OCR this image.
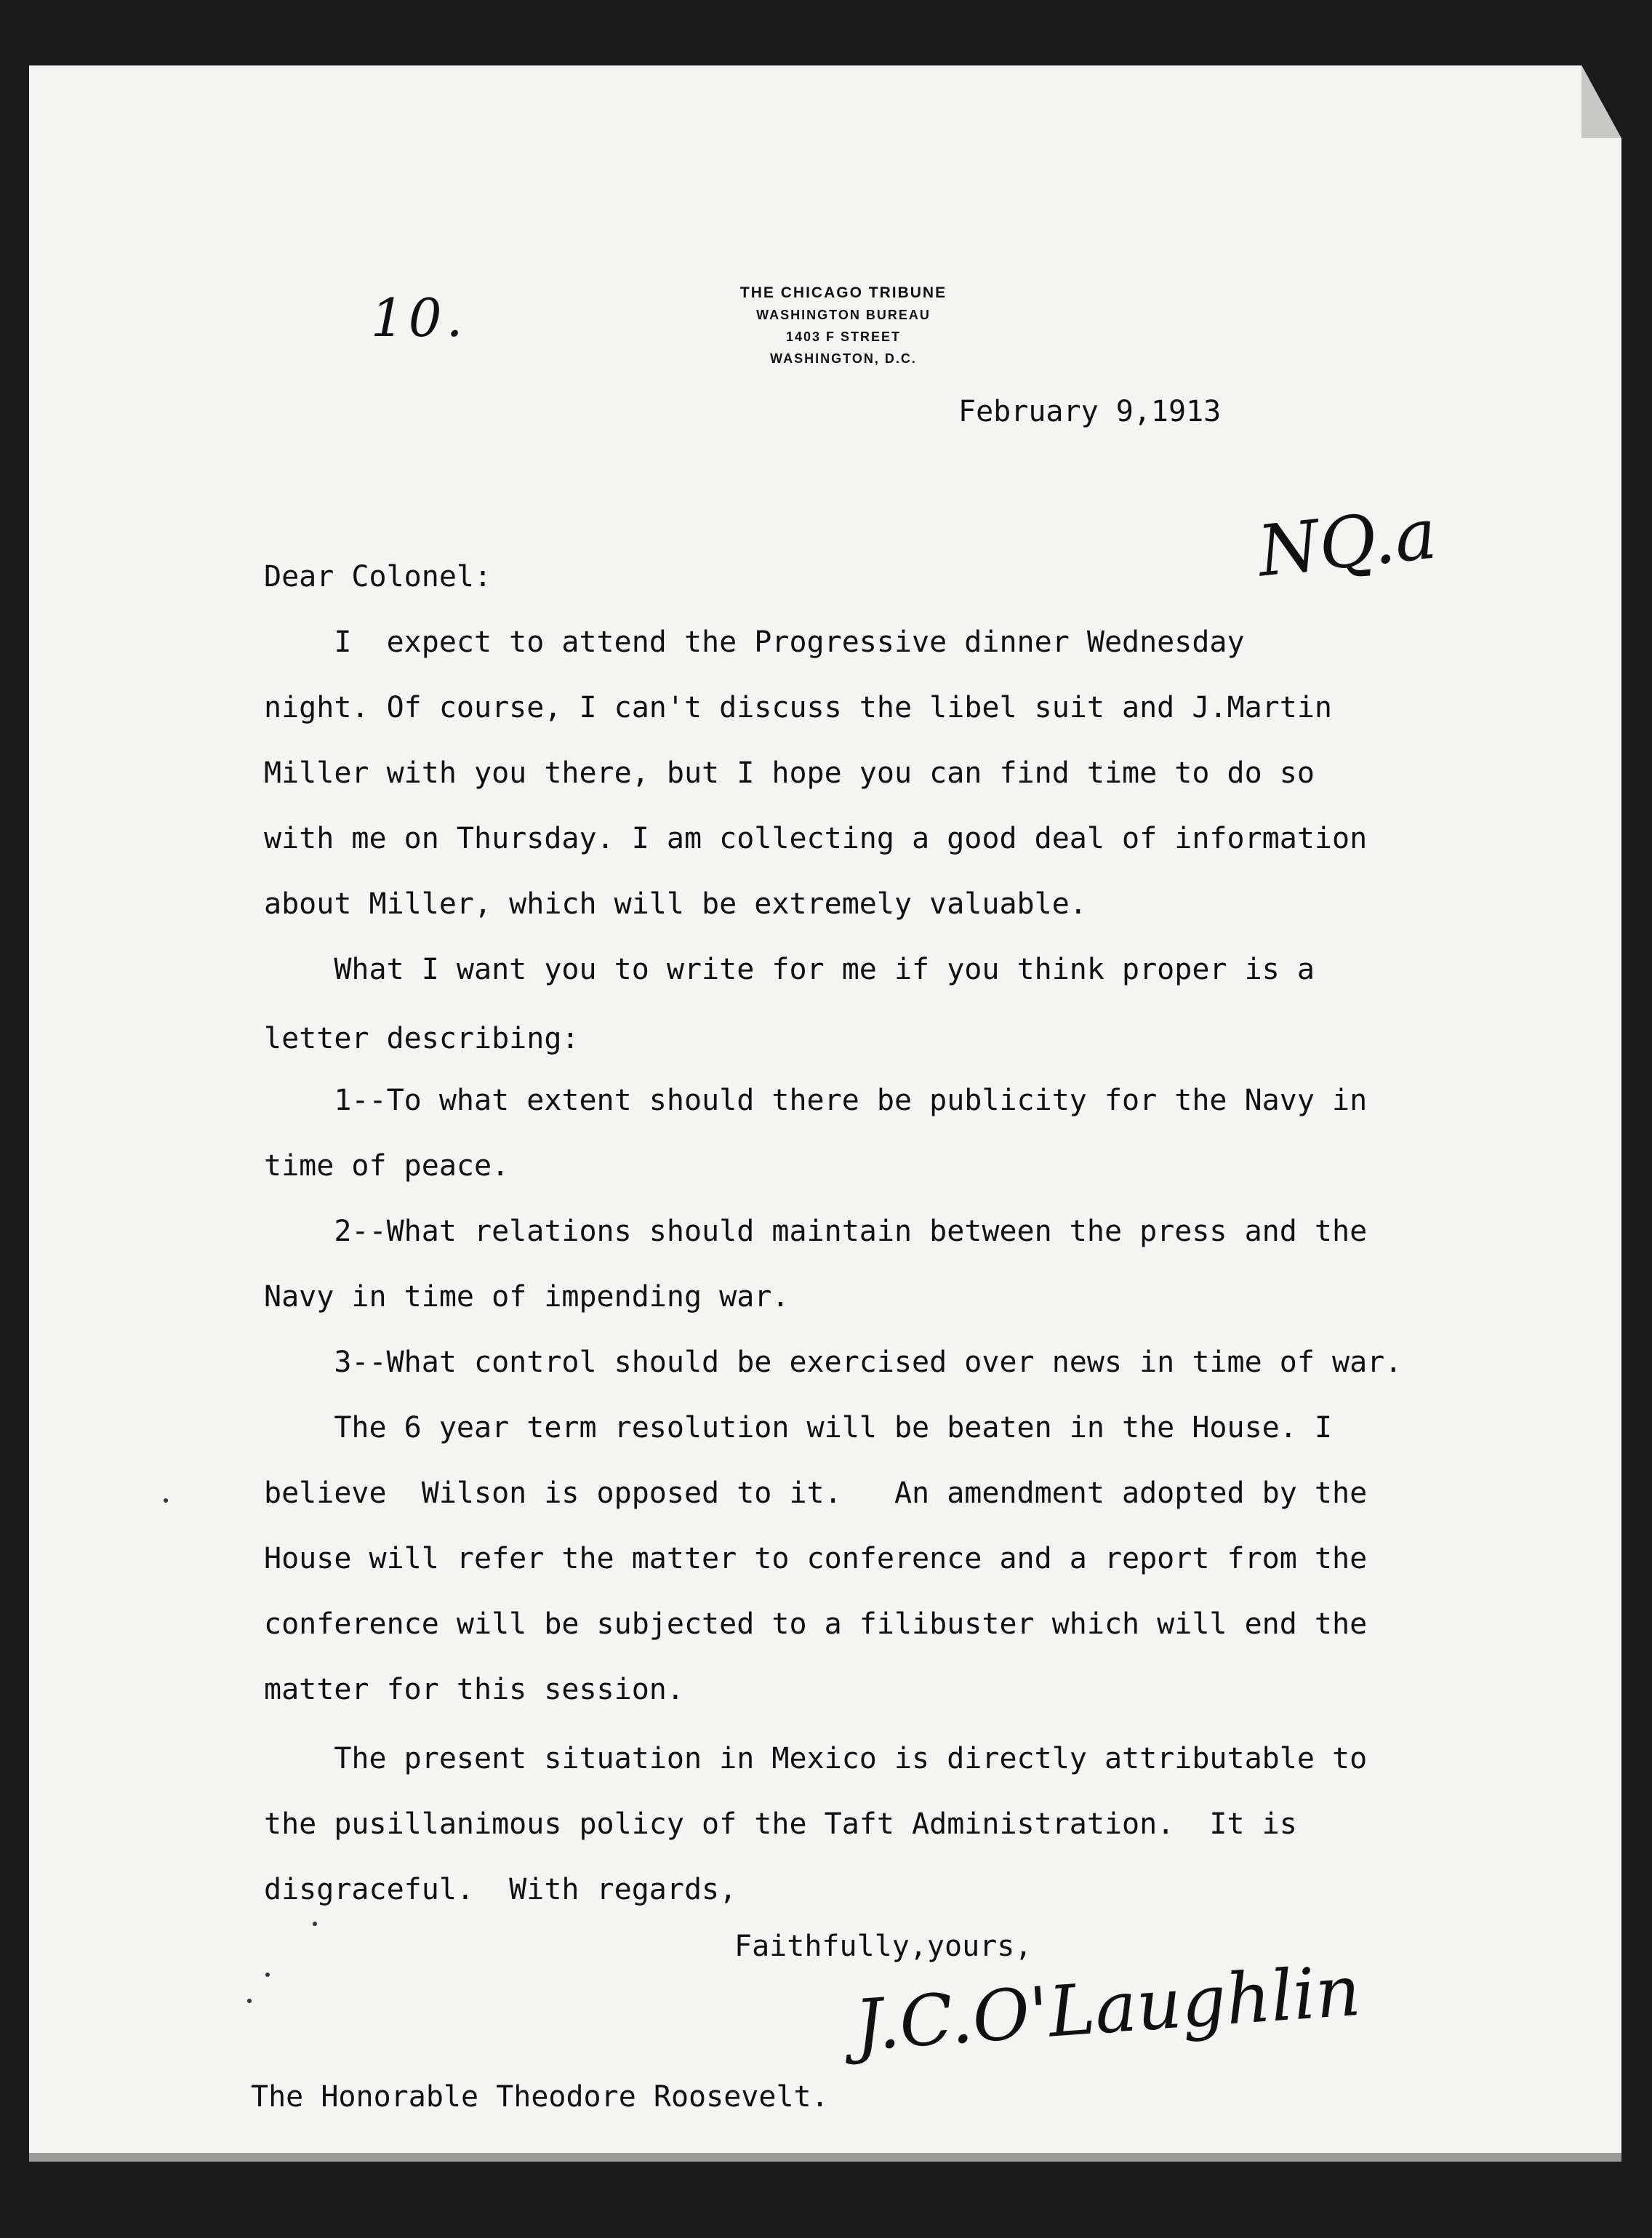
10.
NQ.a
THE CHICAGO TRIBUNE
WASHINGTON BUREAU
1403 F STREET
WASHINGTON, D.C.
February 9,1913
Dear Colonel:
I  expect to attend the Progressive dinner Wednesday
night. Of course, I can't discuss the libel suit and J.Martin
Miller with you there, but I hope you can find time to do so
with me on Thursday. I am collecting a good deal of information
about Miller, which will be extremely valuable.
What I want you to write for me if you think proper is a
letter describing:
1--To what extent should there be publicity for the Navy in
time of peace.
2--What relations should maintain between the press and the
Navy in time of impending war.
3--What control should be exercised over news in time of war.
The 6 year term resolution will be beaten in the House. I
believe  Wilson is opposed to it.   An amendment adopted by the
House will refer the matter to conference and a report from the
conference will be subjected to a filibuster which will end the
matter for this session.
The present situation in Mexico is directly attributable to
the pusillanimous policy of the Taft Administration.  It is
disgraceful.  With regards,
Faithfully,yours,
J.C.O'Laughlin
The Honorable Theodore Roosevelt.
